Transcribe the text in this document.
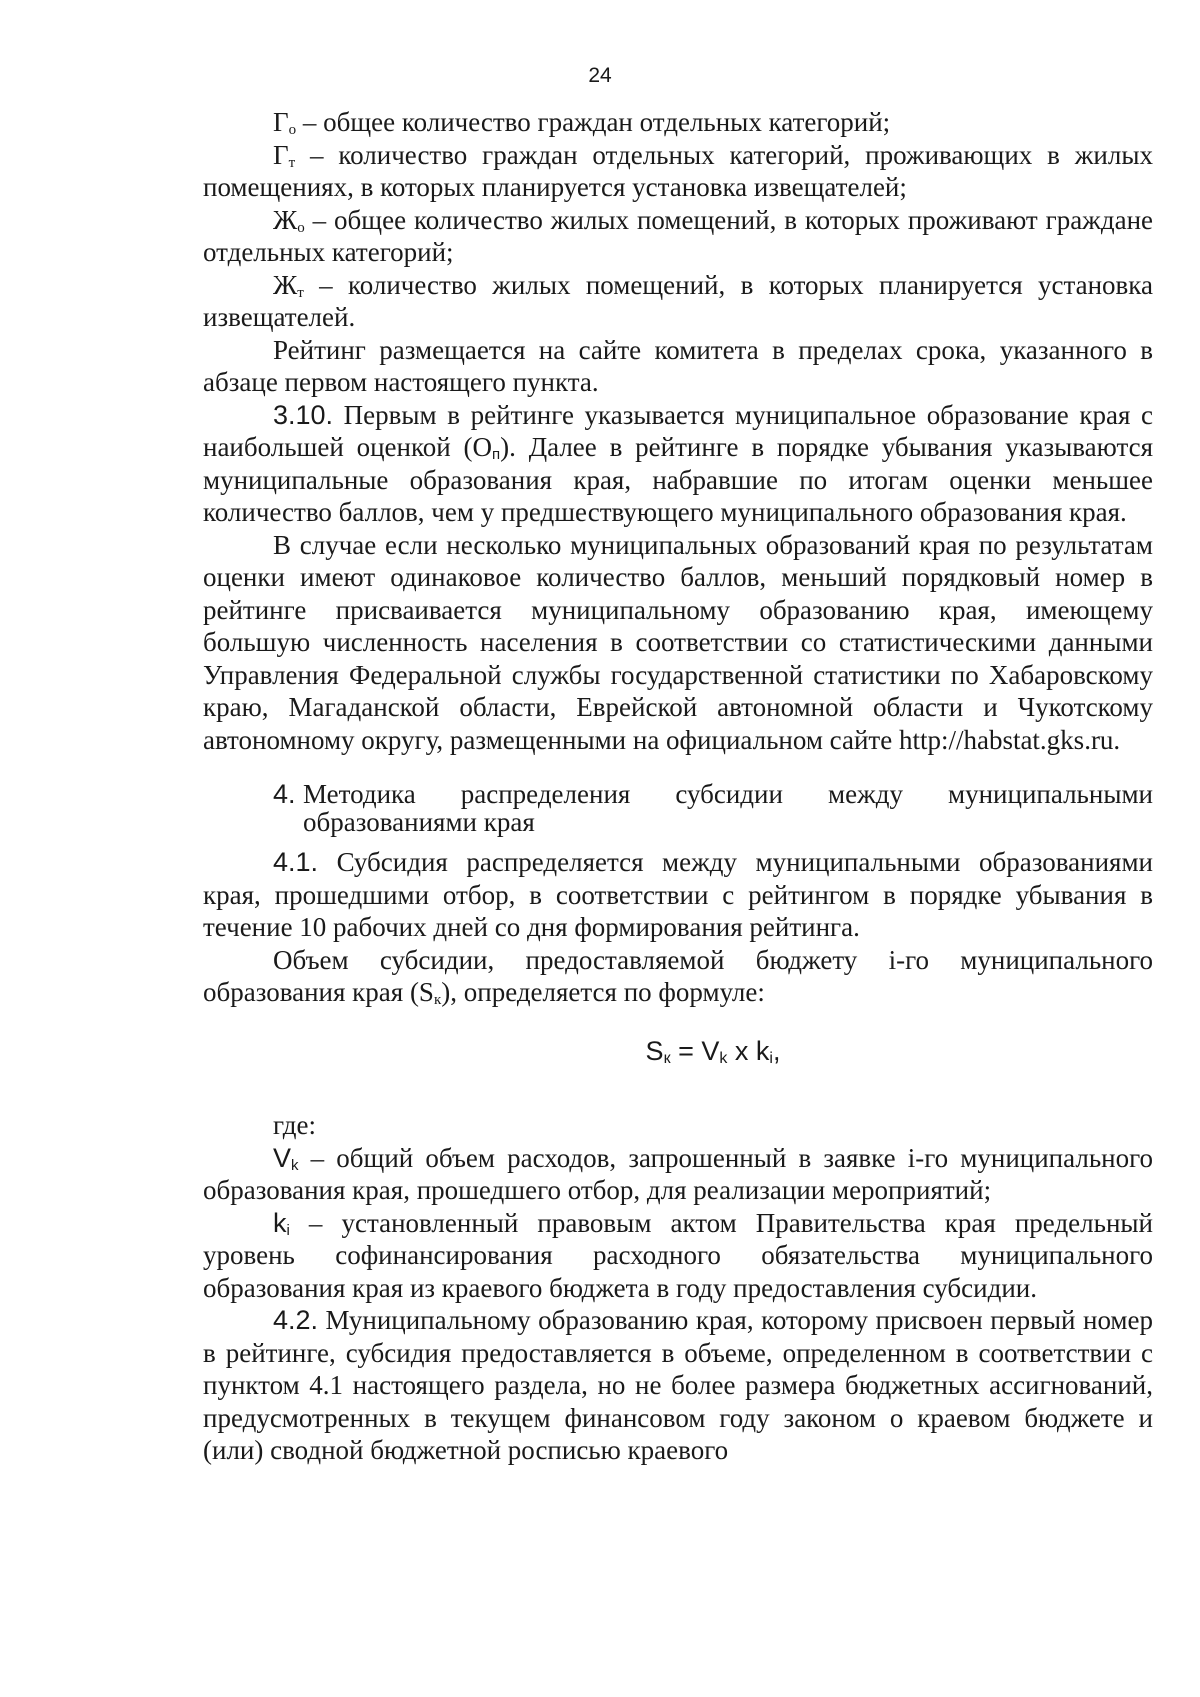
24

$Г_о$ – общее количество граждан отдельных категорий;

$Г_т$ – количество граждан отдельных категорий, проживающих в жилых помещениях, в которых планируется установка извещателей;

$Ж_о$ – общее количество жилых помещений, в которых проживают граждане отдельных категорий;

$Ж_т$ – количество жилых помещений, в которых планируется установка извещателей.

Рейтинг размещается на сайте комитета в пределах срока, указанного в абзаце первом настоящего пункта.

3.10. Первым в рейтинге указывается муниципальное образование края с наибольшей оценкой $(О_п)$. Далее в рейтинге в порядке убывания указываются муниципальные образования края, набравшие по итогам оценки меньшее количество баллов, чем у предшествующего муниципального образования края.

В случае если несколько муниципальных образований края по результатам оценки имеют одинаковое количество баллов, меньший порядковый номер в рейтинге присваивается муниципальному образованию края, имеющему большую численность населения в соответствии со статистическими данными Управления Федеральной службы государственной статистики по Хабаровскому краю, Магаданской области, Еврейской автономной области и Чукотскому автономному округу, размещенными на официальном сайте http://habstat.gks.ru.

4. Методика распределения субсидии между муниципальными образованиями края

4.1. Субсидия распределяется между муниципальными образованиями края, прошедшими отбор, в соответствии с рейтингом в порядке убывания в течение 10 рабочих дней со дня формирования рейтинга.

Объем субсидии, предоставляемой бюджету i-го муниципального образования края $(S_к)$, определяется по формуле:

$S_к = V_k$ x $k_i$,

где:

$V_k$ – общий объем расходов, запрошенный в заявке i-го муниципального образования края, прошедшего отбор, для реализации мероприятий;

$k_i$ – установленный правовым актом Правительства края предельный уровень софинансирования расходного обязательства муниципального образования края из краевого бюджета в году предоставления субсидии.

4.2. Муниципальному образованию края, которому присвоен первый номер в рейтинге, субсидия предоставляется в объеме, определенном в соответствии с пунктом 4.1 настоящего раздела, но не более размера бюджетных ассигнований, предусмотренных в текущем финансовом году законом о краевом бюджете и (или) сводной бюджетной росписью краевого
